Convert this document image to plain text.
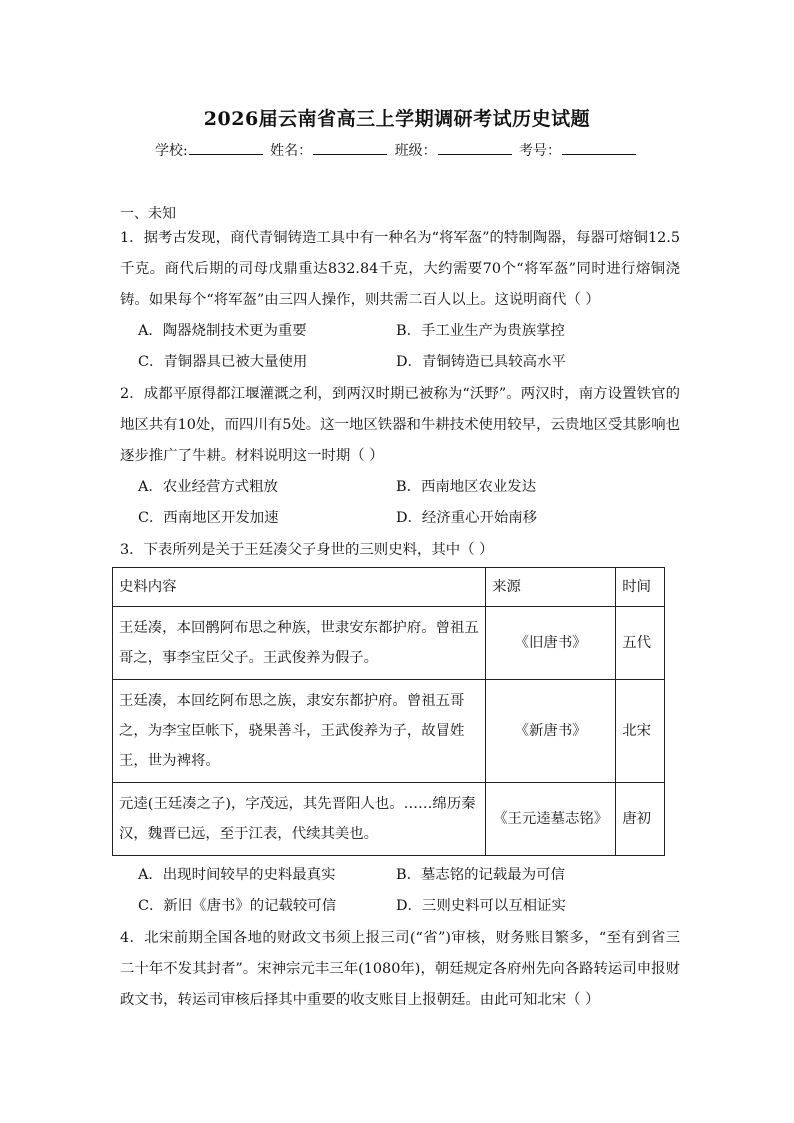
2026届云南省高三上学期调研考试历史试题
学校:	姓名：	班级：	考号：
一、未知
1．据考古发现，商代青铜铸造工具中有一种名为“将军盔”的特制陶器，每器可熔铜12.5千克。商代后期的司母戊鼎重达832.84千克，大约需要70个“将军盔”同时进行熔铜浇铸。如果每个“将军盔”由三四人操作，则共需二百人以上。这说明商代（ ）
A．陶器烧制技术更为重要	B．手工业生产为贵族掌控
C．青铜器具已被大量使用	D．青铜铸造已具较高水平
2．成都平原得都江堰灌溉之利，到两汉时期已被称为“沃野”。两汉时，南方设置铁官的地区共有10处，而四川有5处。这一地区铁器和牛耕技术使用较早，云贵地区受其影响也逐步推广了牛耕。材料说明这一时期（ ）
A．农业经营方式粗放	B．西南地区农业发达
C．西南地区开发加速	D．经济重心开始南移
3．下表所列是关于王廷凑父子身世的三则史料，其中（ ）
史料内容	来源	时间
王廷凑，本回鹘阿布思之种族，世隶安东都护府。曾祖五哥之，事李宝臣父子。王武俊养为假子。	《旧唐书》	五代
王廷凑，本回纥阿布思之族，隶安东都护府。曾祖五哥之，为李宝臣帐下，骁果善斗，王武俊养为子，故冒姓王，世为裨将。	《新唐书》	北宋
元逵(王廷凑之子)，字茂远，其先晋阳人也。……绵历秦汉，魏晋已远，至于江表，代续其美也。	《王元逵墓志铭》	唐初
A．出现时间较早的史料最真实	B．墓志铭的记载最为可信
C．新旧《唐书》的记载较可信	D．三则史料可以互相证实
4．北宋前期全国各地的财政文书须上报三司(“省”)审核，财务账目繁多，“至有到省三二十年不发其封者”。宋神宗元丰三年(1080年)，朝廷规定各府州先向各路转运司申报财政文书，转运司审核后择其中重要的收支账目上报朝廷。由此可知北宋（ ）
